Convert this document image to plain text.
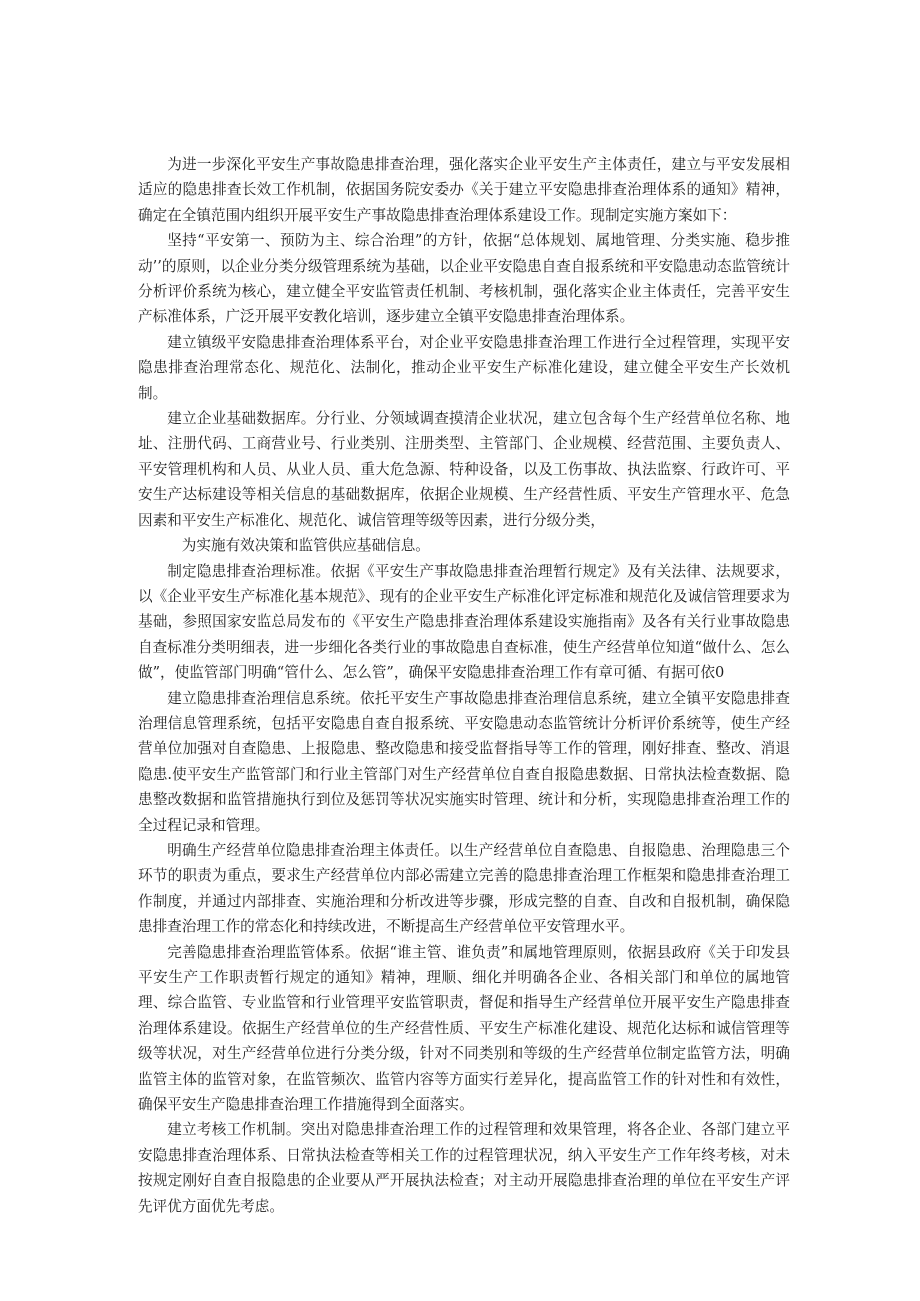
为进一步深化平安生产事故隐患排查治理，强化落实企业平安生产主体责任，建立与平安发展相适应的隐患排查长效工作机制，依据国务院安委办《关于建立平安隐患排查治理体系的通知》精神，确定在全镇范围内组织开展平安生产事故隐患排查治理体系建设工作。现制定实施方案如下：

坚持“平安第一、预防为主、综合治理”的方针，依据“总体规划、属地管理、分类实施、稳步推动’’的原则，以企业分类分级管理系统为基础，以企业平安隐患自查自报系统和平安隐患动态监管统计分析评价系统为核心，建立健全平安监管责任机制、考核机制，强化落实企业主体责任，完善平安生产标准体系，广泛开展平安教化培训，逐步建立全镇平安隐患排查治理体系。

建立镇级平安隐患排查治理体系平台，对企业平安隐患排查治理工作进行全过程管理，实现平安隐患排查治理常态化、规范化、法制化，推动企业平安生产标准化建设，建立健全平安生产长效机制。

建立企业基础数据库。分行业、分领域调查摸清企业状况，建立包含每个生产经营单位名称、地址、注册代码、工商营业号、行业类别、注册类型、主管部门、企业规模、经营范围、主要负责人、平安管理机构和人员、从业人员、重大危急源、特种设备，以及工伤事故、执法监察、行政许可、平安生产达标建设等相关信息的基础数据库，依据企业规模、生产经营性质、平安生产管理水平、危急因素和平安生产标准化、规范化、诚信管理等级等因素，进行分级分类，

为实施有效决策和监管供应基础信息。

制定隐患排查治理标准。依据《平安生产事故隐患排查治理暂行规定》及有关法律、法规要求，以《企业平安生产标准化基本规范》、现有的企业平安生产标准化评定标准和规范化及诚信管理要求为基础，参照国家安监总局发布的《平安生产隐患排查治理体系建设实施指南》及各有关行业事故隐患自查标准分类明细表，进一步细化各类行业的事故隐患自查标准，使生产经营单位知道“做什么、怎么做”，使监管部门明确“管什么、怎么管”，确保平安隐患排查治理工作有章可循、有据可依0

建立隐患排查治理信息系统。依托平安生产事故隐患排查治理信息系统，建立全镇平安隐患排查治理信息管理系统，包括平安隐患自查自报系统、平安隐患动态监管统计分析评价系统等，使生产经营单位加强对自查隐患、上报隐患、整改隐患和接受监督指导等工作的管理，刚好排查、整改、消退隐患.使平安生产监管部门和行业主管部门对生产经营单位自查自报隐患数据、日常执法检查数据、隐患整改数据和监管措施执行到位及惩罚等状况实施实时管理、统计和分析，实现隐患排查治理工作的全过程记录和管理。

明确生产经营单位隐患排查治理主体责任。以生产经营单位自查隐患、自报隐患、治理隐患三个环节的职责为重点，要求生产经营单位内部必需建立完善的隐患排查治理工作框架和隐患排查治理工作制度，并通过内部排查、实施治理和分析改进等步骤，形成完整的自查、自改和自报机制，确保隐患排查治理工作的常态化和持续改进，不断提高生产经营单位平安管理水平。

完善隐患排查治理监管体系。依据“谁主管、谁负责”和属地管理原则，依据县政府《关于印发县平安生产工作职责暂行规定的通知》精神，理顺、细化并明确各企业、各相关部门和单位的属地管理、综合监管、专业监管和行业管理平安监管职责，督促和指导生产经营单位开展平安生产隐患排查治理体系建设。依据生产经营单位的生产经营性质、平安生产标准化建设、规范化达标和诚信管理等级等状况，对生产经营单位进行分类分级，针对不同类别和等级的生产经营单位制定监管方法，明确监管主体的监管对象，在监管频次、监管内容等方面实行差异化，提高监管工作的针对性和有效性，确保平安生产隐患排查治理工作措施得到全面落实。

建立考核工作机制。突出对隐患排查治理工作的过程管理和效果管理，将各企业、各部门建立平安隐患排查治理体系、日常执法检查等相关工作的过程管理状况，纳入平安生产工作年终考核，对未按规定刚好自查自报隐患的企业要从严开展执法检查；对主动开展隐患排查治理的单位在平安生产评先评优方面优先考虑。
